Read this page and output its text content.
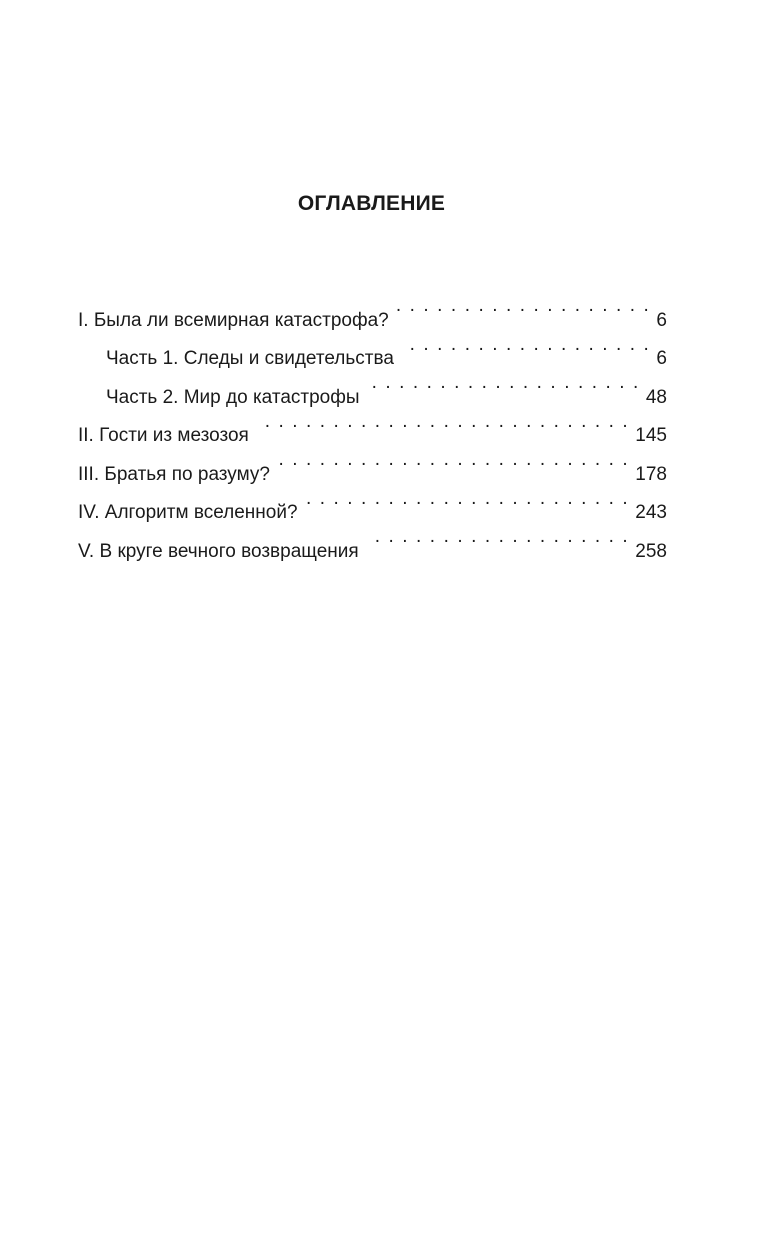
ОГЛАВЛЕНИЕ
I. Была ли всемирная катастрофа? . . .	6
Часть 1. Следы и свидетельства . . .	6
Часть 2. Мир до катастрофы . . .	48
II. Гости из мезозоя . . .	145
III. Братья по разуму? . . .	178
IV. Алгоритм вселенной? . . .	243
V. В круге вечного возвращения . . .	258
